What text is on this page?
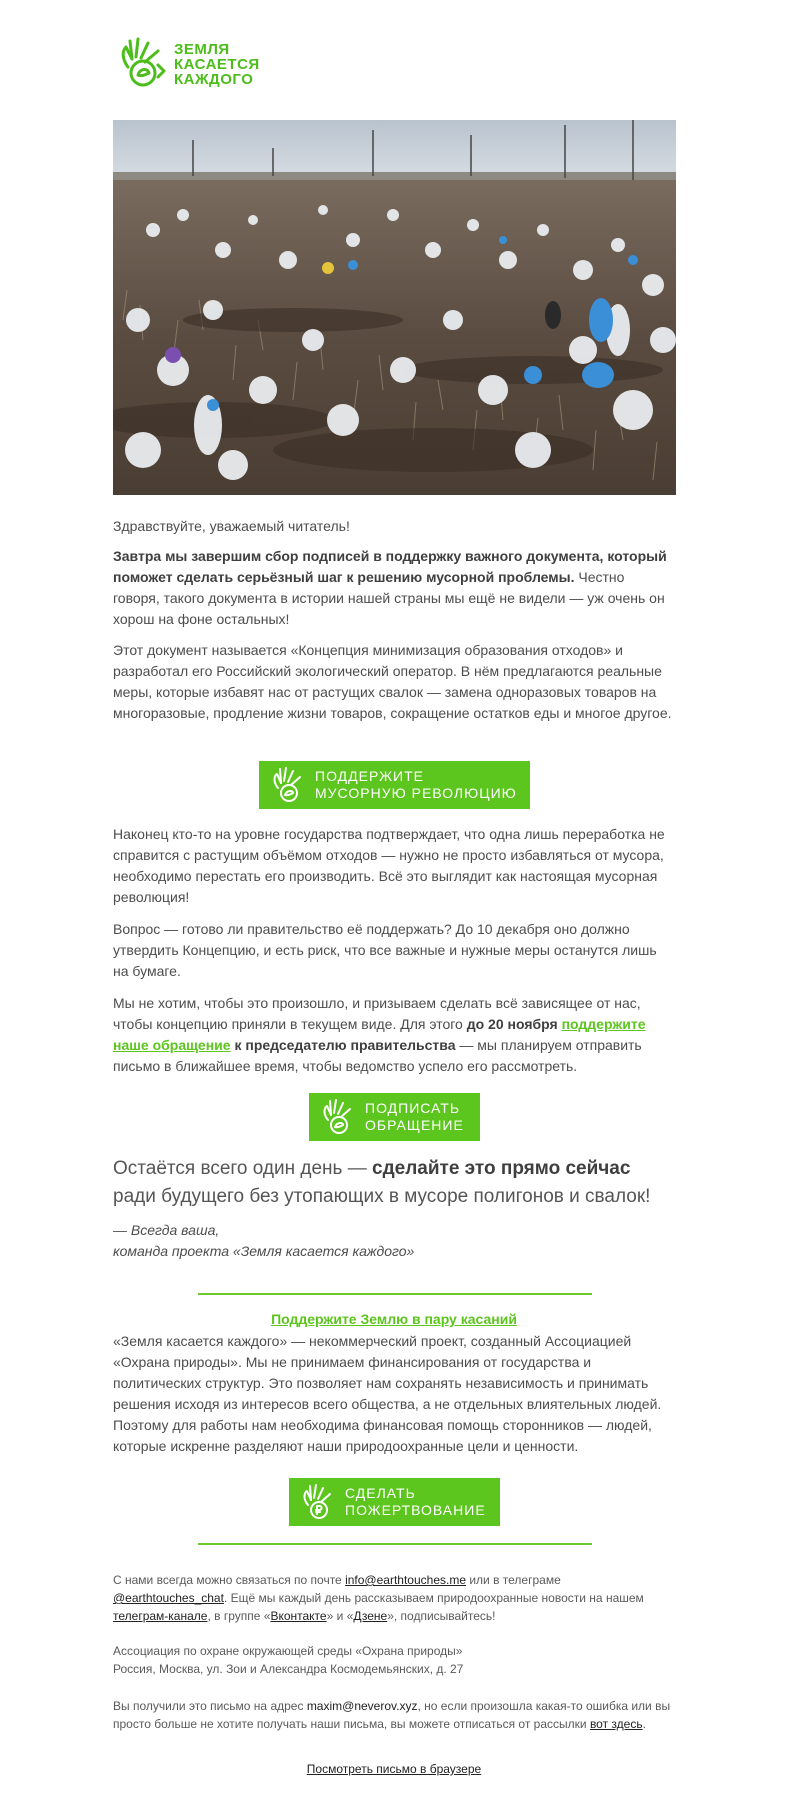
ЗЕМЛЯ
КАСАЕТСЯ
КАЖДОГО

Здравствуйте, уважаемый читатель!

Завтра мы завершим сбор подписей в поддержку важного документа, который поможет сделать серьёзный шаг к решению мусорной проблемы. Честно говоря, такого документа в истории нашей страны мы ещё не видели — уж очень он хорош на фоне остальных!

Этот документ называется «Концепция минимизация образования отходов» и разработал его Российский экологический оператор. В нём предлагаются реальные меры, которые избавят нас от растущих свалок — замена одноразовых товаров на многоразовые, продление жизни товаров, сокращение остатков еды и многое другое.

ПОДДЕРЖИТЕ
МУСОРНУЮ РЕВОЛЮЦИЮ

Наконец кто-то на уровне государства подтверждает, что одна лишь переработка не справится с растущим объёмом отходов — нужно не просто избавляться от мусора, необходимо перестать его производить. Всё это выглядит как настоящая мусорная революция!

Вопрос — готово ли правительство её поддержать? До 10 декабря оно должно утвердить Концепцию, и есть риск, что все важные и нужные меры останутся лишь на бумаге.

Мы не хотим, чтобы это произошло, и призываем сделать всё зависящее от нас, чтобы концепцию приняли в текущем виде. Для этого до 20 ноября поддержите наше обращение к председателю правительства — мы планируем отправить письмо в ближайшее время, чтобы ведомство успело его рассмотреть.

ПОДПИСАТЬ
ОБРАЩЕНИЕ

Остаётся всего один день — сделайте это прямо сейчас ради будущего без утопающих в мусоре полигонов и свалок!

— Всегда ваша,
команда проекта «Земля касается каждого»

Поддержите Землю в пару касаний

«Земля касается каждого» — некоммерческий проект, созданный Ассоциацией «Охрана природы». Мы не принимаем финансирования от государства и политических структур. Это позволяет нам сохранять независимость и принимать решения исходя из интересов всего общества, а не отдельных влиятельных людей. Поэтому для работы нам необходима финансовая помощь сторонников — людей, которые искренне разделяют наши природоохранные цели и ценности.

СДЕЛАТЬ
ПОЖЕРТВОВАНИЕ

С нами всегда можно связаться по почте info@earthtouches.me или в телеграме @earthtouches_chat. Ещё мы каждый день рассказываем природоохранные новости на нашем телеграм-канале, в группе «Вконтакте» и «Дзене», подписывайтесь!

Ассоциация по охране окружающей среды «Охрана природы»
Россия, Москва, ул. Зои и Александра Космодемьянских, д. 27

Вы получили это письмо на адрес maxim@neverov.xyz, но если произошла какая-то ошибка или вы просто больше не хотите получать наши письма, вы можете отписаться от рассылки вот здесь.

Посмотреть письмо в браузере
